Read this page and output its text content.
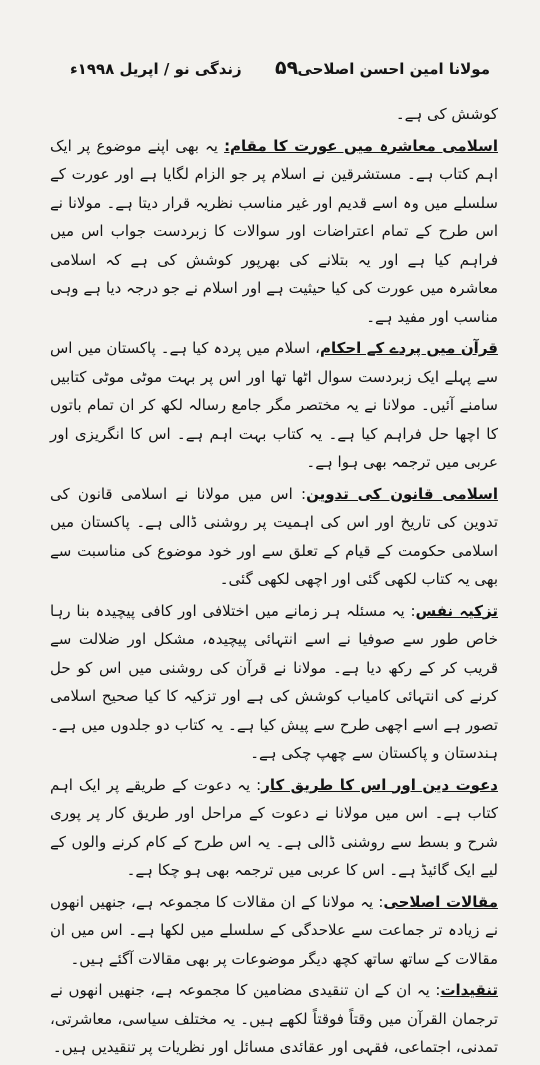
مولانا امین احسن اصلاحی
۵۹
زندگی نو / اپریل ۱۹۹۸ء

کوشش کی ہے۔

اسلامی معاشرہ میں عورت کا مقام: یہ بھی اپنے موضوع پر ایک اہم کتاب ہے۔ مستشرقین نے اسلام پر جو الزام لگایا ہے اور عورت کے سلسلے میں وہ اسے قدیم اور غیر مناسب نظریہ قرار دیتا ہے۔ مولانا نے اس طرح کے تمام اعتراضات اور سوالات کا زبردست جواب اس میں فراہم کیا ہے اور یہ بتلانے کی بھرپور کوشش کی ہے کہ اسلامی معاشرہ میں عورت کی کیا حیثیت ہے اور اسلام نے جو درجہ دیا ہے وہی مناسب اور مفید ہے۔

قرآن میں پردے کے احکام، اسلام میں پردہ کیا ہے۔ پاکستان میں اس سے پہلے ایک زبردست سوال اٹھا تھا اور اس پر بہت موٹی موٹی کتابیں سامنے آئیں۔ مولانا نے یہ مختصر مگر جامع رسالہ لکھ کر ان تمام باتوں کا اچھا حل فراہم کیا ہے۔ یہ کتاب بہت اہم ہے۔ اس کا انگریزی اور عربی میں ترجمہ بھی ہوا ہے۔

اسلامی قانون کی تدوین: اس میں مولانا نے اسلامی قانون کی تدوین کی تاریخ اور اس کی اہمیت پر روشنی ڈالی ہے۔ پاکستان میں اسلامی حکومت کے قیام کے تعلق سے اور خود موضوع کی مناسبت سے بھی یہ کتاب لکھی گئی اور اچھی لکھی گئی۔

تزکیہ نفس: یہ مسئلہ ہر زمانے میں اختلافی اور کافی پیچیدہ بنا رہا خاص طور سے صوفیا نے اسے انتہائی پیچیدہ، مشکل اور ضلالت سے قریب کر کے رکھ دیا ہے۔ مولانا نے قرآن کی روشنی میں اس کو حل کرنے کی انتہائی کامیاب کوشش کی ہے اور تزکیہ کا کیا صحیح اسلامی تصور ہے اسے اچھی طرح سے پیش کیا ہے۔ یہ کتاب دو جلدوں میں ہے۔ ہندستان و پاکستان سے چھپ چکی ہے۔

دعوت دین اور اس کا طریق کار: یہ دعوت کے طریقے پر ایک اہم کتاب ہے۔ اس میں مولانا نے دعوت کے مراحل اور طریق کار پر پوری شرح و بسط سے روشنی ڈالی ہے۔ یہ اس طرح کے کام کرنے والوں کے لیے ایک گائیڈ ہے۔ اس کا عربی میں ترجمہ بھی ہو چکا ہے۔

مقالات اصلاحی: یہ مولانا کے ان مقالات کا مجموعہ ہے، جنھیں انھوں نے زیادہ تر جماعت سے علاحدگی کے سلسلے میں لکھا ہے۔ اس میں ان مقالات کے ساتھ ساتھ کچھ دیگر موضوعات پر بھی مقالات آگئے ہیں۔

تنقیدات: یہ ان کے ان تنقیدی مضامین کا مجموعہ ہے، جنھیں انھوں نے ترجمان القرآن میں وقتاً فوقتاً لکھے ہیں۔ یہ مختلف سیاسی، معاشرتی، تمدنی، اجتماعی، فقہی اور عقائدی مسائل اور نظریات پر تنقیدیں ہیں۔
